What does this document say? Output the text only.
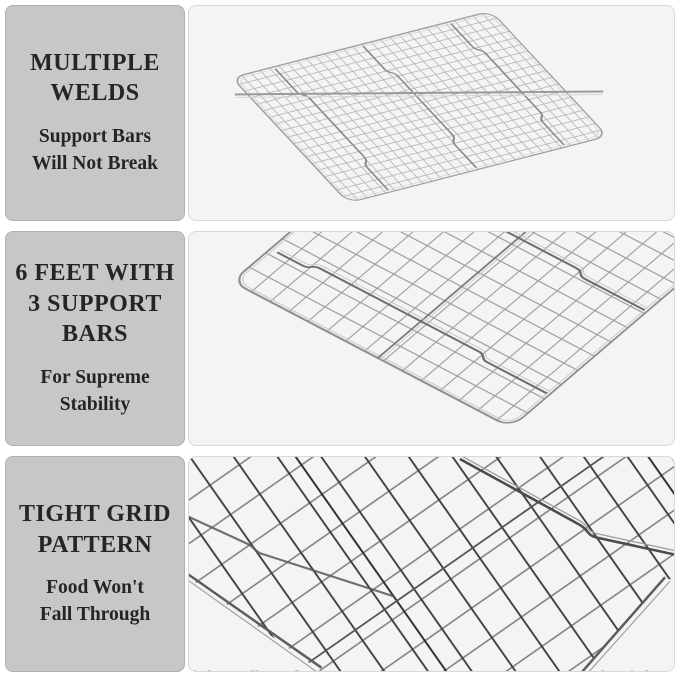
MULTIPLE
WELDS

Support Bars
Will Not Break

6 FEET WITH
3 SUPPORT
BARS

For Supreme
Stability

TIGHT GRID
PATTERN

Food Won't
Fall Through
